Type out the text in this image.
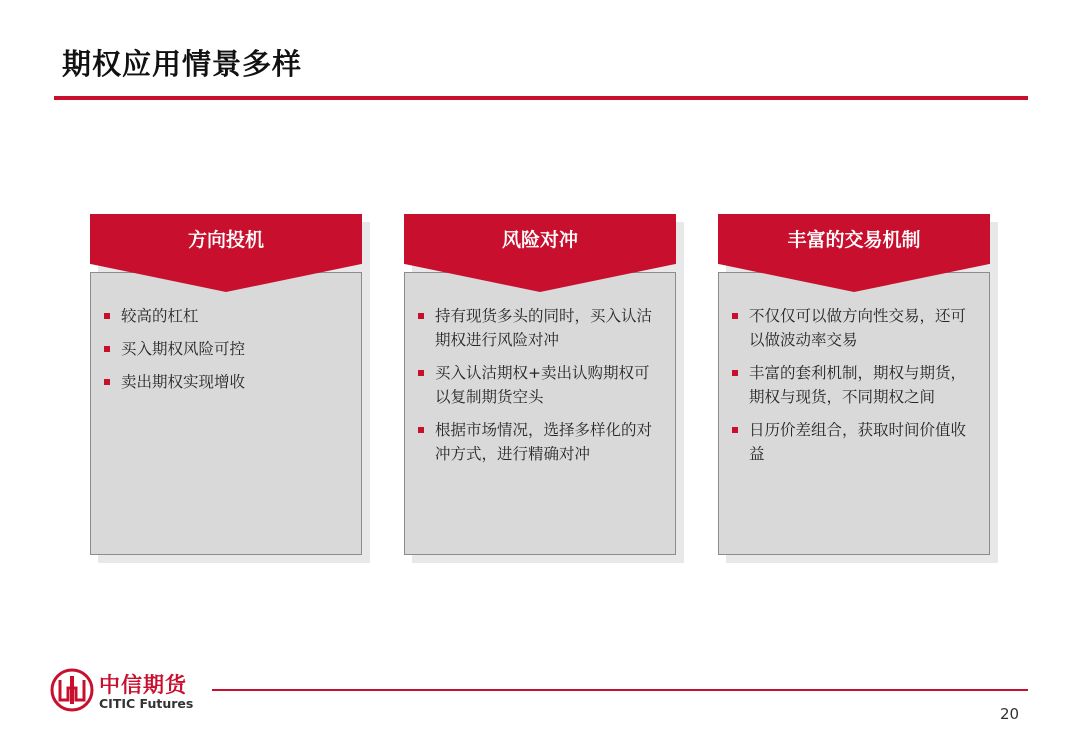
期权应用情景多样
方向投机
较高的杠杠
买入期权风险可控
卖出期权实现增收
风险对冲
持有现货多头的同时，买入认沽期权进行风险对冲
买入认沽期权+卖出认购期权可以复制期货空头
根据市场情况，选择多样化的对冲方式，进行精确对冲
丰富的交易机制
不仅仅可以做方向性交易，还可以做波动率交易
丰富的套利机制，期权与期货，期权与现货，不同期权之间
日历价差组合，获取时间价值收益
中信期货
CITIC Futures
20
